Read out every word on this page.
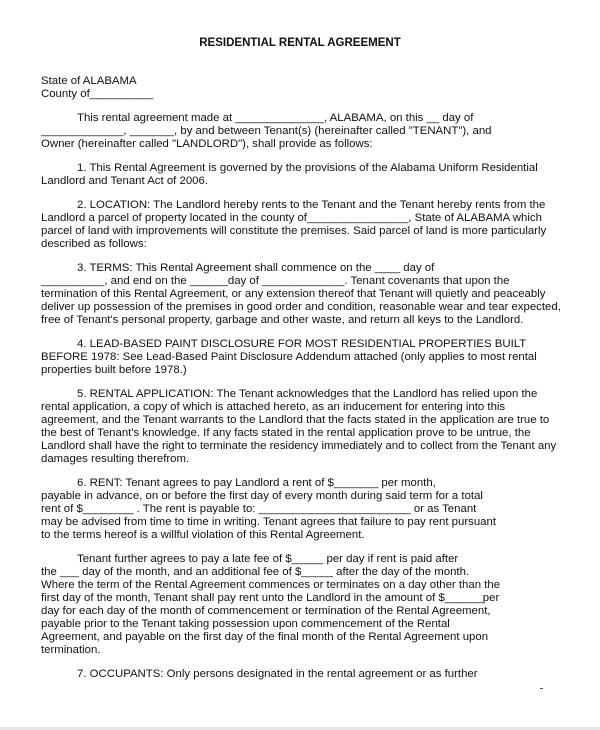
RESIDENTIAL RENTAL AGREEMENT
State of ALABAMA
County of__________
This rental agreement made at ______________, ALABAMA, on this __ day of
_____________, _______, by and between Tenant(s) (hereinafter called "TENANT"), and
Owner (hereinafter called "LANDLORD"), shall provide as follows:
1. This Rental Agreement is governed by the provisions of the Alabama Uniform Residential
Landlord and Tenant Act of 2006.
2. LOCATION: The Landlord hereby rents to the Tenant and the Tenant hereby rents from the
Landlord a parcel of property located in the county of________________, State of ALABAMA which
parcel of land with improvements will constitute the premises. Said parcel of land is more particularly
described as follows:
3. TERMS: This Rental Agreement shall commence on the ____ day of
__________, and end on the ______day of _____________. Tenant covenants that upon the
termination of this Rental Agreement, or any extension thereof that Tenant will quietly and peaceably
deliver up possession of the premises in good order and condition, reasonable wear and tear expected,
free of Tenant's personal property, garbage and other waste, and return all keys to the Landlord.
4. LEAD-BASED PAINT DISCLOSURE FOR MOST RESIDENTIAL PROPERTIES BUILT
BEFORE 1978: See Lead-Based Paint Disclosure Addendum attached (only applies to most rental
properties built before 1978.)
5. RENTAL APPLICATION: The Tenant acknowledges that the Landlord has relied upon the
rental application, a copy of which is attached hereto, as an inducement for entering into this
agreement, and the Tenant warrants to the Landlord that the facts stated in the application are true to
the best of Tenant's knowledge. If any facts stated in the rental application prove to be untrue, the
Landlord shall have the right to terminate the residency immediately and to collect from the Tenant any
damages resulting therefrom.
6. RENT: Tenant agrees to pay Landlord a rent of $_______ per month,
payable in advance, on or before the first day of every month during said term for a total
rent of $________ . The rent is payable to: ________________________ or as Tenant
may be advised from time to time in writing. Tenant agrees that failure to pay rent pursuant
to the terms hereof is a willful violation of this Rental Agreement.
Tenant further agrees to pay a late fee of $_____ per day if rent is paid after
the ___ day of the month, and an additional fee of $_____ after the day of the month.
Where the term of the Rental Agreement commences or terminates on a day other than the
first day of the month, Tenant shall pay rent unto the Landlord in the amount of $______per
day for each day of the month of commencement or termination of the Rental Agreement,
payable prior to the Tenant taking possession upon commencement of the Rental
Agreement, and payable on the first day of the final month of the Rental Agreement upon
termination.
7. OCCUPANTS: Only persons designated in the rental agreement or as further
